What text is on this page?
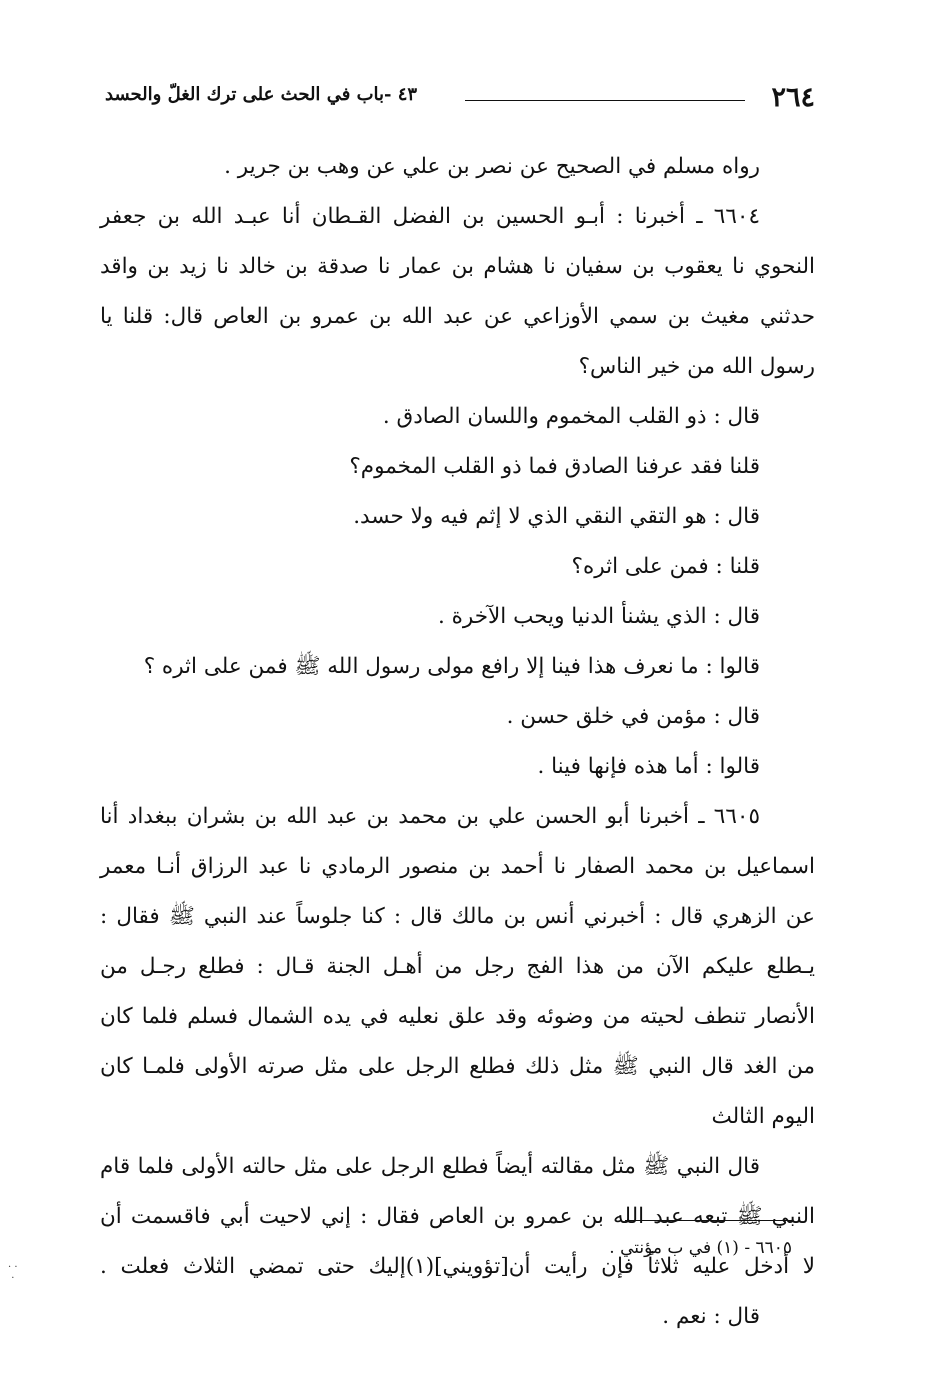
٢٦٤
٤٣ -باب في الحث على ترك الغلّ والحسد
رواه مسلم في الصحيح عن نصر بن علي عن وهب بن جرير .
٦٦٠٤ ـ أخبرنا : أبـو الحسين بن الفضل القـطان أنا عبـد الله بن جعفر
النحوي نا يعقوب بن سفيان نا هشام بن عمار نا صدقة بن خالد نا زيد بن واقد
حدثني مغيث بن سمي الأوزاعي عن عبد الله بن عمرو بن العاص قال: قلنا يا
رسول الله من خير الناس؟
قال : ذو القلب المخموم واللسان الصادق .
قلنا فقد عرفنا الصادق فما ذو القلب المخموم؟
قال : هو التقي النقي الذي لا إثم فيه ولا حسد.
قلنا : فمن على اثره؟
قال : الذي يشنأ الدنيا ويحب الآخرة .
قالوا : ما نعرف هذا فينا إلا رافع مولى رسول الله ﷺ فمن على اثره ؟
قال : مؤمن في خلق حسن .
قالوا : أما هذه فإنها فينا .
٦٦٠٥ ـ أخبرنا أبو الحسن علي بن محمد بن عبد الله بن بشران ببغداد أنا
اسماعيل بن محمد الصفار نا أحمد بن منصور الرمادي نا عبد الرزاق أنـا معمر
عن الزهري قال : أخبرني أنس بن مالك قال : كنا جلوساً عند النبي ﷺ فقال :
يـطلع عليكم الآن من هذا الفج رجل من أهـل الجنة قـال : فطلع رجـل من
الأنصار تنطف لحيته من وضوئه وقد علق نعليه في يده الشمال فسلم فلما كان
من الغد قال النبي ﷺ مثل ذلك فطلع الرجل على مثل صرته الأولى فلمـا كان
اليوم الثالث
قال النبي ﷺ مثل مقالته أيضاً فطلع الرجل على مثل حالته الأولى فلما قام
النبي ﷺ تبعه عبد الله بن عمرو بن العاص فقال : إني لاحيت أبي فاقسمت أن
لا أدخل عليه ثلاثاً فإن رأيت أن[تؤويني](١)إليك حتى تمضي الثلاث فعلت .
قال : نعم .
٦٦٠٥ - (١) في ب مؤنتي .
· ·
·
